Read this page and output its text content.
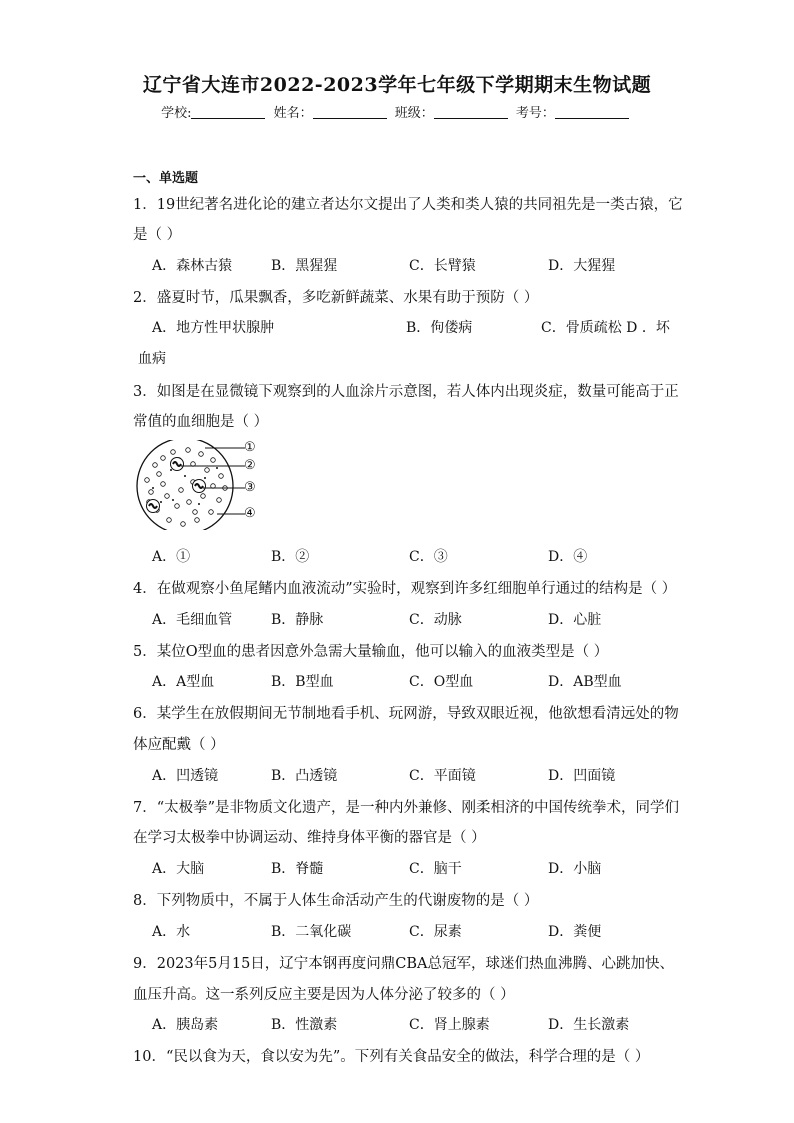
辽宁省大连市2022-2023学年七年级下学期期末生物试题
学校:	姓名：	班级：	考号：
一、单选题
1．19世纪著名进化论的建立者达尔文提出了人类和类人猿的共同祖先是一类古猿，它
是（ ）
A．森林古猿	B．黑猩猩	C．长臂猿	D．大猩猩
2．盛夏时节，瓜果飘香，多吃新鲜蔬菜、水果有助于预防（ ）
A．地方性甲状腺肿	B．佝偻病	C．骨质疏松 D ．坏
血病
3．如图是在显微镜下观察到的人血涂片示意图，若人体内出现炎症，数量可能高于正
常值的血细胞是（ ）
①
②
③
④
A．①	B．②	C．③	D．④
4．在做观察小鱼尾鳍内血液流动”实验时，观察到许多红细胞单行通过的结构是（ ）
A．毛细血管	B．静脉	C．动脉	D．心脏
5．某位O型血的患者因意外急需大量输血，他可以输入的血液类型是（ ）
A．A型血	B．B型血	C．O型血	D．AB型血
6．某学生在放假期间无节制地看手机、玩网游，导致双眼近视，他欲想看清远处的物
体应配戴（ ）
A．凹透镜	B．凸透镜	C．平面镜	D．凹面镜
7．“太极拳”是非物质文化遗产，是一种内外兼修、刚柔相济的中国传统拳术，同学们
在学习太极拳中协调运动、维持身体平衡的器官是（ ）
A．大脑	B．脊髓	C．脑干	D．小脑
8．下列物质中，不属于人体生命活动产生的代谢废物的是（ ）
A．水	B．二氧化碳	C．尿素	D．粪便
9．2023年5月15日，辽宁本钢再度问鼎CBA总冠军，球迷们热血沸腾、心跳加快、
血压升高。这一系列反应主要是因为人体分泌了较多的（ ）
A．胰岛素	B．性激素	C．肾上腺素	D．生长激素
10．“民以食为天，食以安为先”。下列有关食品安全的做法，科学合理的是（ ）
